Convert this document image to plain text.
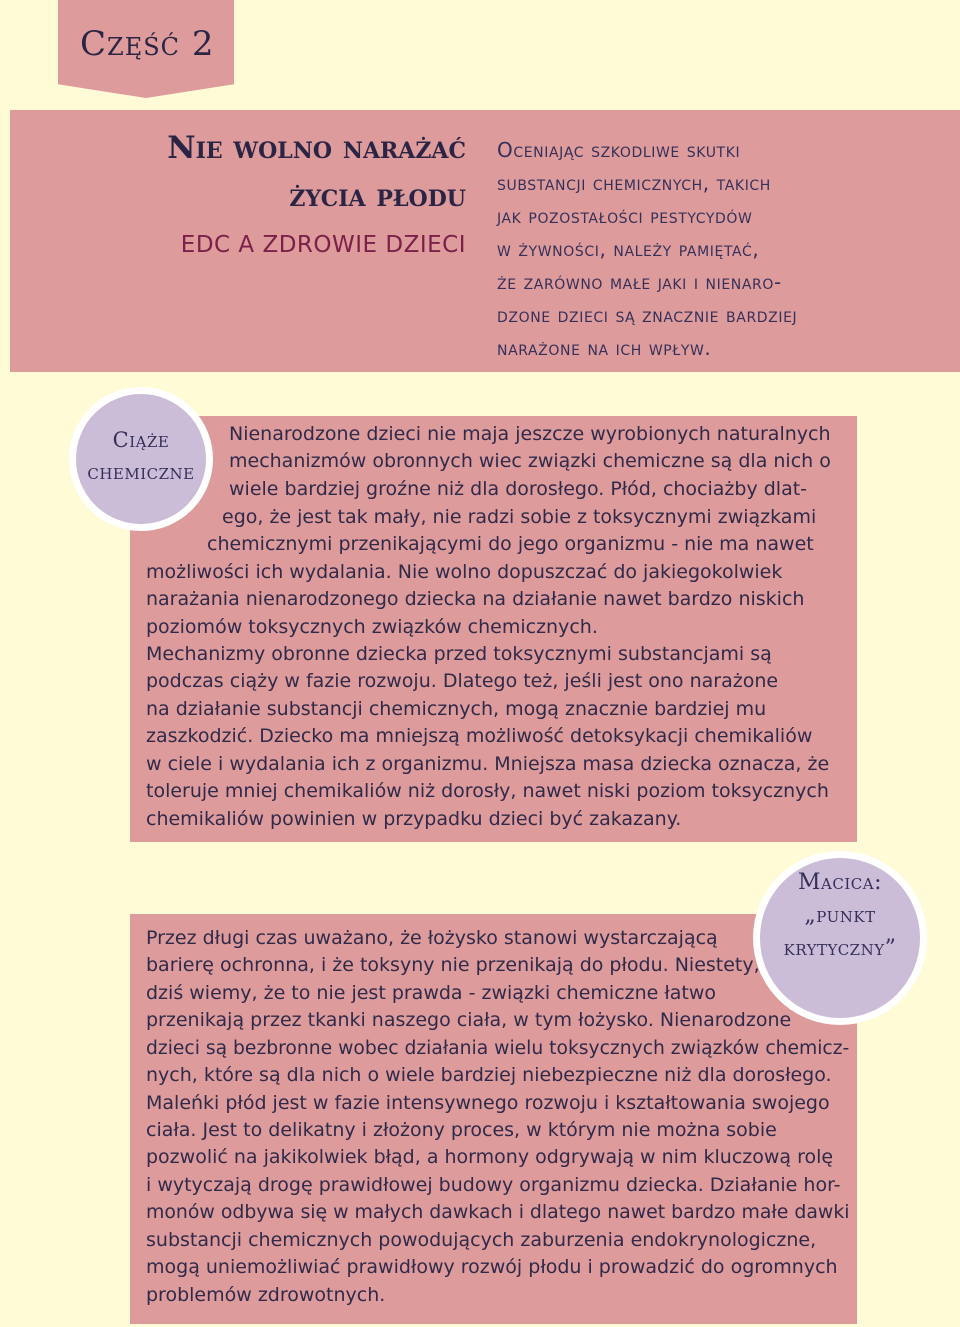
Część 2
Nie wolno narażać
życia płodu
EDC A ZDROWIE DZIECI
Oceniając szkodliwe skutki
substancji chemicznych, takich
jak pozostałości pestycydów
w żywności, należy pamiętać,
że zarówno małe jaki i nienaro-
dzone dzieci są znacznie bardziej
narażone na ich wpływ.
Ciąże
chemiczne
Nienarodzone dzieci nie maja jeszcze wyrobionych naturalnych
mechanizmów obronnych wiec związki chemiczne są dla nich o
wiele bardziej groźne niż dla dorosłego. Płód, chociażby dlat-
ego, że jest tak mały, nie radzi sobie z toksycznymi związkami
chemicznymi przenikającymi do jego organizmu - nie ma nawet
możliwości ich wydalania. Nie wolno dopuszczać do jakiegokolwiek
narażania nienarodzonego dziecka na działanie nawet bardzo niskich
poziomów toksycznych związków chemicznych.
Mechanizmy obronne dziecka przed toksycznymi substancjami są
podczas ciąży w fazie rozwoju. Dlatego też, jeśli jest ono narażone
na działanie substancji chemicznych, mogą znacznie bardziej mu
zaszkodzić. Dziecko ma mniejszą możliwość detoksykacji chemikaliów
w ciele i wydalania ich z organizmu. Mniejsza masa dziecka oznacza, że
toleruje mniej chemikaliów niż dorosły, nawet niski poziom toksycznych
chemikaliów powinien w przypadku dzieci być zakazany.
Macica:
„punkt
krytyczny”
Przez długi czas uważano, że łożysko stanowi wystarczającą
barierę ochronna, i że toksyny nie przenikają do płodu. Niestety,
dziś wiemy, że to nie jest prawda - związki chemiczne łatwo
przenikają przez tkanki naszego ciała, w tym łożysko. Nienarodzone
dzieci są bezbronne wobec działania wielu toksycznych związków chemicz-
nych, które są dla nich o wiele bardziej niebezpieczne niż dla dorosłego.
Maleńki płód jest w fazie intensywnego rozwoju i kształtowania swojego
ciała. Jest to delikatny i złożony proces, w którym nie można sobie
pozwolić na jakikolwiek błąd, a hormony odgrywają w nim kluczową rolę
i wytyczają drogę prawidłowej budowy organizmu dziecka. Działanie hor-
monów odbywa się w małych dawkach i dlatego nawet bardzo małe dawki
substancji chemicznych powodujących zaburzenia endokrynologiczne,
mogą uniemożliwiać prawidłowy rozwój płodu i prowadzić do ogromnych
problemów zdrowotnych.
